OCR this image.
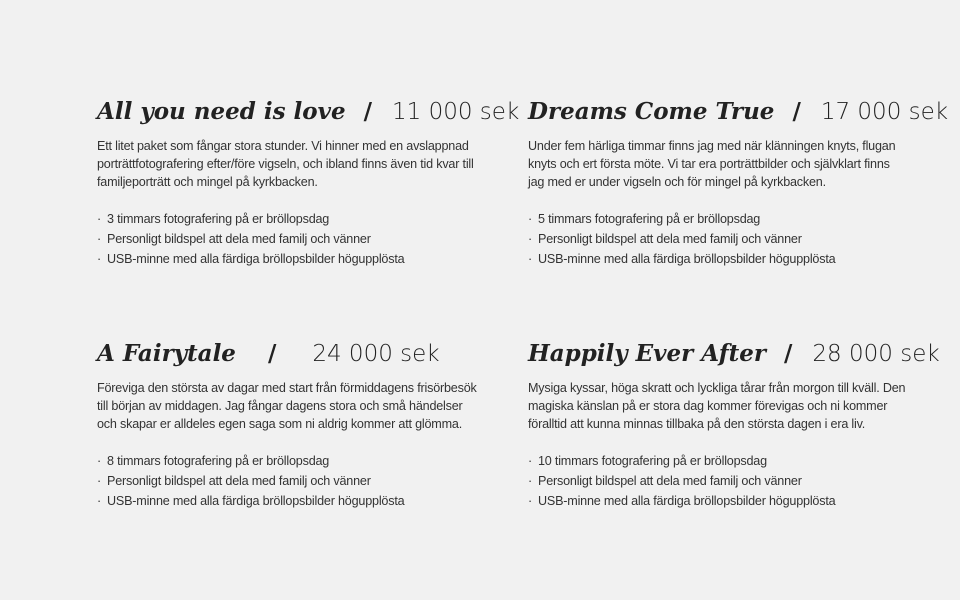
All you need is love / 11 000 sek

Ett litet paket som fångar stora stunder. Vi hinner med en avslappnad porträttfotografering efter/före vigseln, och ibland finns även tid kvar till familjeporträtt och mingel på kyrkbacken.

· 3 timmars fotografering på er bröllopsdag
· Personligt bildspel att dela med familj och vänner
· USB-minne med alla färdiga bröllopsbilder högupplösta
Dreams Come True / 17 000 sek

Under fem härliga timmar finns jag med när klänningen knyts, flugan knyts och ert första möte. Vi tar era porträttbilder och självklart finns jag med er under vigseln och för mingel på kyrkbacken.

· 5 timmars fotografering på er bröllopsdag
· Personligt bildspel att dela med familj och vänner
· USB-minne med alla färdiga bröllopsbilder högupplösta
A Fairytale / 24 000 sek

Föreviga den största av dagar med start från förmiddagens frisörbesök till början av middagen. Jag fångar dagens stora och små händelser och skapar er alldeles egen saga som ni aldrig kommer att glömma.

· 8 timmars fotografering på er bröllopsdag
· Personligt bildspel att dela med familj och vänner
· USB-minne med alla färdiga bröllopsbilder högupplösta
Happily Ever After / 28 000 sek

Mysiga kyssar, höga skratt och lyckliga tårar från morgon till kväll. Den magiska känslan på er stora dag kommer förevigas och ni kommer föralltid att kunna minnas tillbaka på den största dagen i era liv.

· 10 timmars fotografering på er bröllopsdag
· Personligt bildspel att dela med familj och vänner
· USB-minne med alla färdiga bröllopsbilder högupplösta
